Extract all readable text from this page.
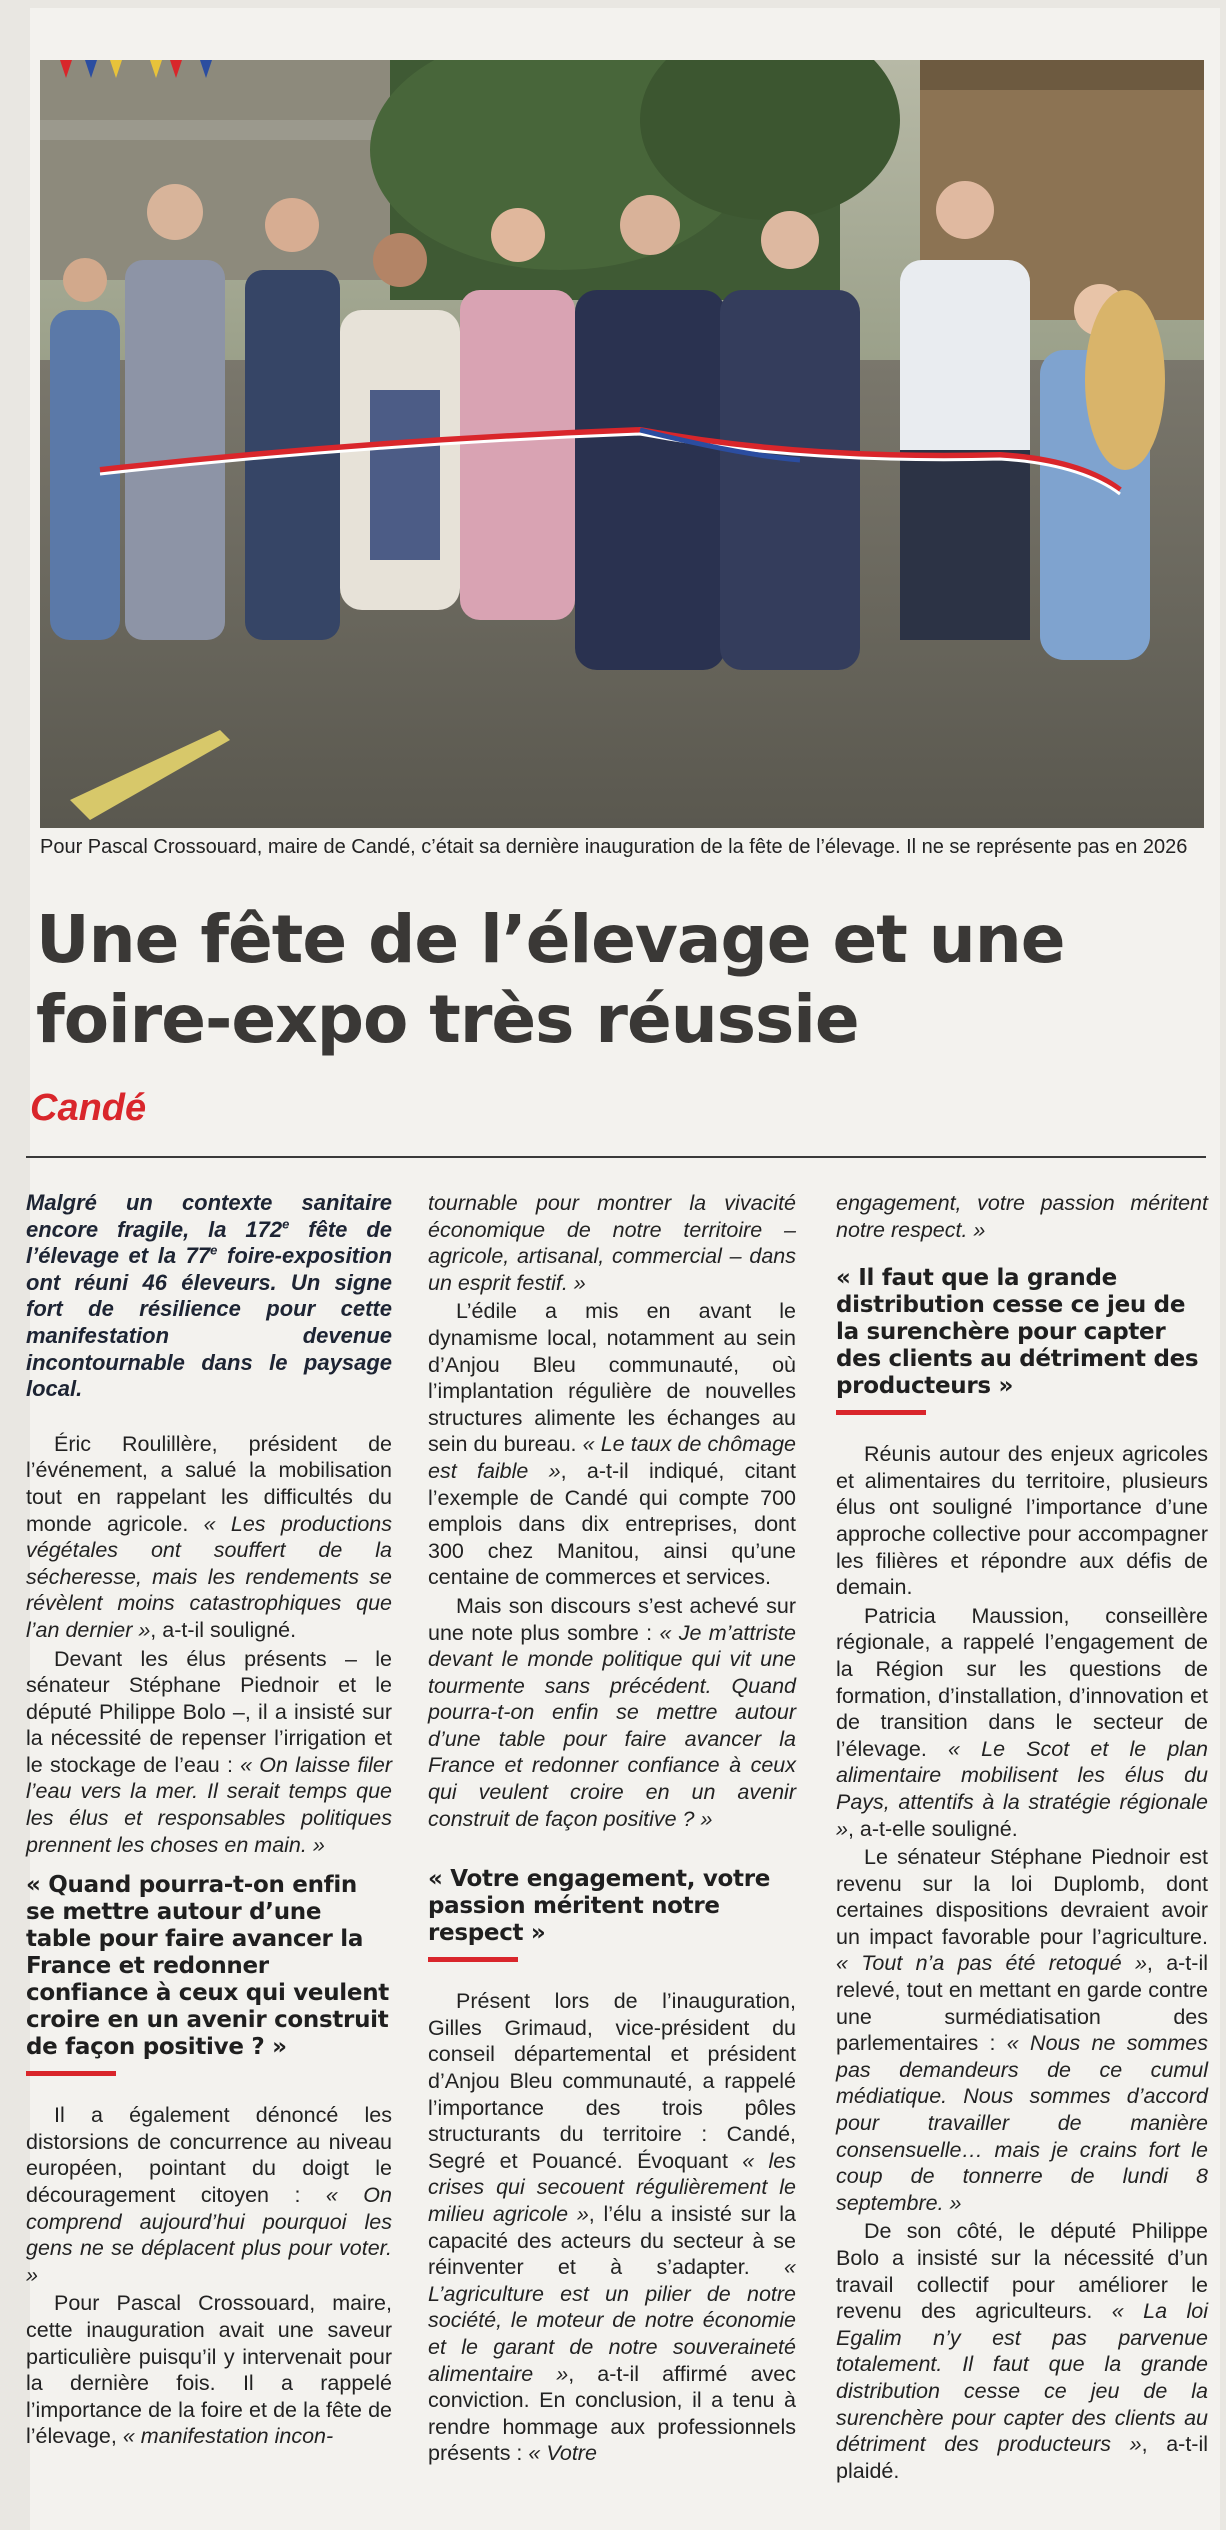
Pour Pascal Crossouard, maire de Candé, c’était sa dernière inauguration de la fête de l’élevage. Il ne se représente pas en 2026
Une fête de l’élevage et une foire-expo très réussie
Candé

Malgré un contexte sanitaire encore fragile, la 172e fête de l’élevage et la 77e foire-exposition ont réuni 46 éleveurs. Un signe fort de résilience pour cette manifestation devenue incontournable dans le paysage local.

Éric Roulillère, président de l’événement, a salué la mobilisation tout en rappelant les difficultés du monde agricole. « Les productions végétales ont souffert de la sécheresse, mais les rendements se révèlent moins catastrophiques que l’an dernier », a-t-il souligné.

Devant les élus présents – le sénateur Stéphane Piednoir et le député Philippe Bolo –, il a insisté sur la nécessité de repenser l’irrigation et le stockage de l’eau : « On laisse filer l’eau vers la mer. Il serait temps que les élus et responsables politiques prennent les choses en main. »

« Quand pourra-t-on enfin se mettre autour d’une table pour faire avancer la France et redonner confiance à ceux qui veulent croire en un avenir construit de façon positive ? »

Il a également dénoncé les distorsions de concurrence au niveau européen, pointant du doigt le découragement citoyen : « On comprend aujourd’hui pourquoi les gens ne se déplacent plus pour voter. »

Pour Pascal Crossouard, maire, cette inauguration avait une saveur particulière puisqu’il y intervenait pour la dernière fois. Il a rappelé l’importance de la foire et de la fête de l’élevage, « manifestation incon-

tournable pour montrer la vivacité économique de notre territoire – agricole, artisanal, commercial – dans un esprit festif. »

L’édile a mis en avant le dynamisme local, notamment au sein d’Anjou Bleu communauté, où l’implantation régulière de nouvelles structures alimente les échanges au sein du bureau. « Le taux de chômage est faible », a-t-il indiqué, citant l’exemple de Candé qui compte 700 emplois dans dix entreprises, dont 300 chez Manitou, ainsi qu’une centaine de commerces et services.

Mais son discours s’est achevé sur une note plus sombre : « Je m’attriste devant le monde politique qui vit une tourmente sans précédent. Quand pourra-t-on enfin se mettre autour d’une table pour faire avancer la France et redonner confiance à ceux qui veulent croire en un avenir construit de façon positive ? »

« Votre engagement, votre passion méritent notre respect »

Présent lors de l’inauguration, Gilles Grimaud, vice-président du conseil départemental et président d’Anjou Bleu communauté, a rappelé l’importance des trois pôles structurants du territoire : Candé, Segré et Pouancé. Évoquant « les crises qui secouent régulièrement le milieu agricole », l’élu a insisté sur la capacité des acteurs du secteur à se réinventer et à s’adapter. « L’agriculture est un pilier de notre société, le moteur de notre économie et le garant de notre souveraineté alimentaire », a-t-il affirmé avec conviction. En conclusion, il a tenu à rendre hommage aux professionnels présents : « Votre

engagement, votre passion méritent notre respect. »

« Il faut que la grande distribution cesse ce jeu de la surenchère pour capter des clients au détriment des producteurs »

Réunis autour des enjeux agricoles et alimentaires du territoire, plusieurs élus ont souligné l’importance d’une approche collective pour accompagner les filières et répondre aux défis de demain.

Patricia Maussion, conseillère régionale, a rappelé l’engagement de la Région sur les questions de formation, d’installation, d’innovation et de transition dans le secteur de l’élevage. « Le Scot et le plan alimentaire mobilisent les élus du Pays, attentifs à la stratégie régionale », a-t-elle souligné.

Le sénateur Stéphane Piednoir est revenu sur la loi Duplomb, dont certaines dispositions devraient avoir un impact favorable pour l’agriculture. « Tout n’a pas été retoqué », a-t-il relevé, tout en mettant en garde contre une surmédiatisation des parlementaires : « Nous ne sommes pas demandeurs de ce cumul médiatique. Nous sommes d’accord pour travailler de manière consensuelle… mais je crains fort le coup de tonnerre de lundi 8 septembre. »

De son côté, le député Philippe Bolo a insisté sur la nécessité d’un travail collectif pour améliorer le revenu des agriculteurs. « La loi Egalim n’y est pas parvenue totalement. Il faut que la grande distribution cesse ce jeu de la surenchère pour capter des clients au détriment des producteurs », a-t-il plaidé.
